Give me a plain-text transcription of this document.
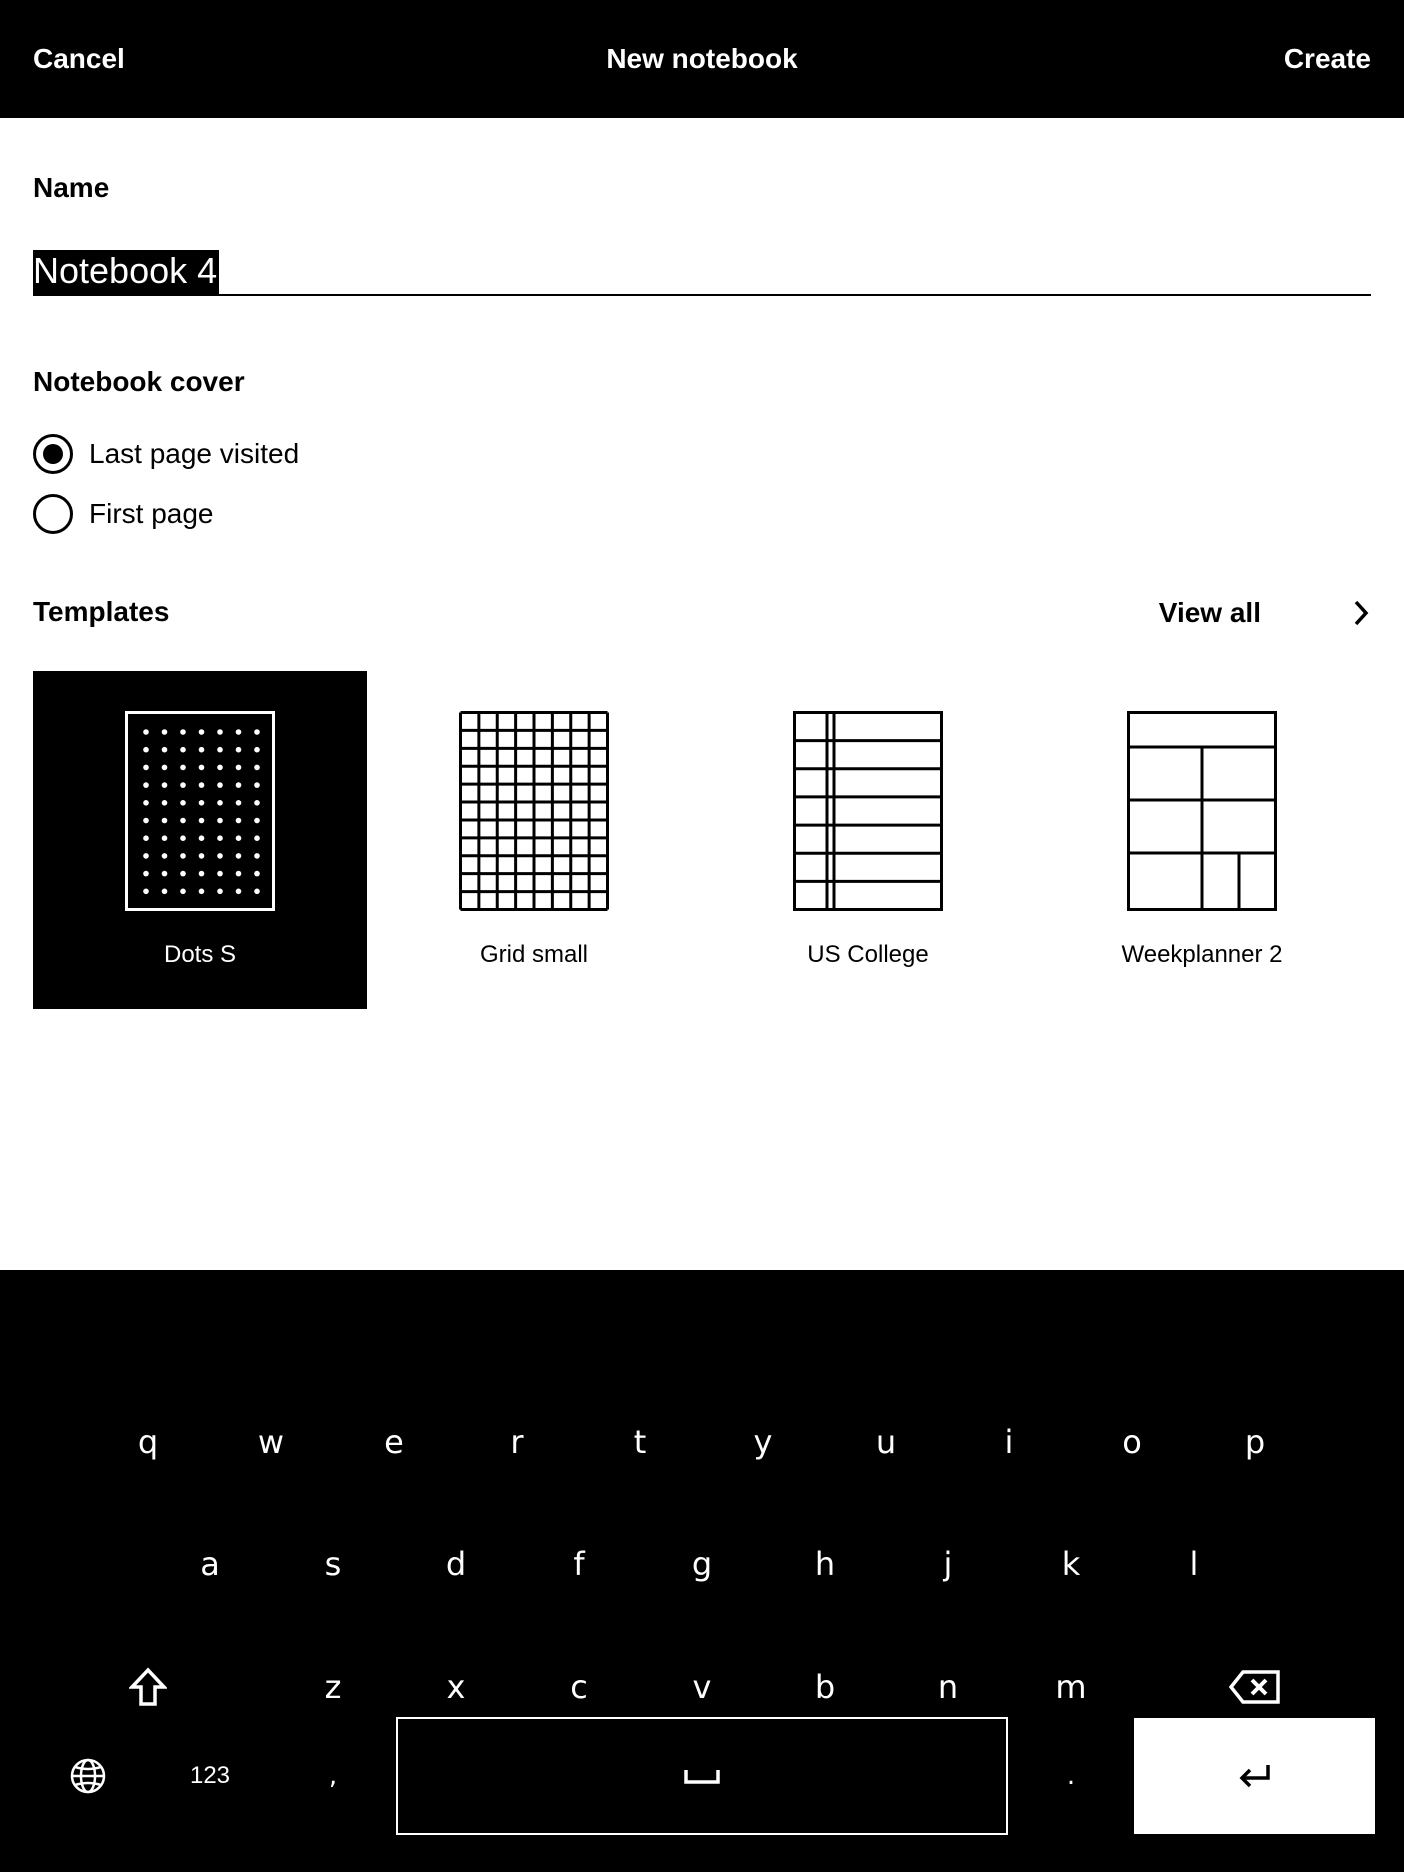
Cancel	New notebook	Create
Name
Notebook 4
Notebook cover
Last page visited
First page
Templates	View all
Dots S	Grid small	US College	Weekplanner 2
q	w	e	r	t	y	u	i	o	p
a	s	d	f	g	h	j	k	l
z	x	c	v	b	n	m
123	,	.
